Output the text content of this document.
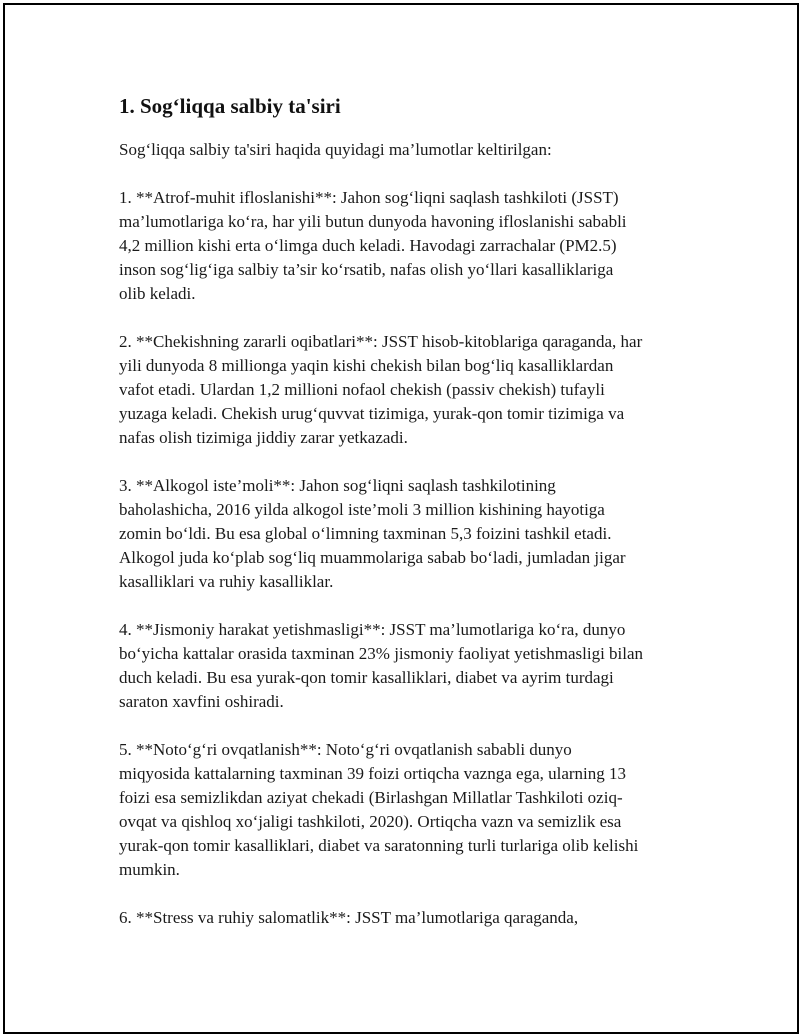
1. Sog‘liqqa salbiy ta'siri
Sog‘liqqa salbiy ta'siri haqida quyidagi ma’lumotlar keltirilgan:
1. **Atrof-muhit ifloslanishi**: Jahon sog‘liqni saqlash tashkiloti (JSST)
ma’lumotlariga ko‘ra, har yili butun dunyoda havoning ifloslanishi sababli
4,2 million kishi erta o‘limga duch keladi. Havodagi zarrachalar (PM2.5)
inson sog‘lig‘iga salbiy ta’sir ko‘rsatib, nafas olish yo‘llari kasalliklariga
olib keladi.
2. **Chekishning zararli oqibatlari**: JSST hisob-kitoblariga qaraganda, har
yili dunyoda 8 millionga yaqin kishi chekish bilan bog‘liq kasalliklardan
vafot etadi. Ulardan 1,2 millioni nofaol chekish (passiv chekish) tufayli
yuzaga keladi. Chekish urug‘quvvat tizimiga, yurak-qon tomir tizimiga va
nafas olish tizimiga jiddiy zarar yetkazadi.
3. **Alkogol iste’moli**: Jahon sog‘liqni saqlash tashkilotining
baholashicha, 2016 yilda alkogol iste’moli 3 million kishining hayotiga
zomin bo‘ldi. Bu esa global o‘limning taxminan 5,3 foizini tashkil etadi.
Alkogol juda ko‘plab sog‘liq muammolariga sabab bo‘ladi, jumladan jigar
kasalliklari va ruhiy kasalliklar.
4. **Jismoniy harakat yetishmasligi**: JSST ma’lumotlariga ko‘ra, dunyo
bo‘yicha kattalar orasida taxminan 23% jismoniy faoliyat yetishmasligi bilan
duch keladi. Bu esa yurak-qon tomir kasalliklari, diabet va ayrim turdagi
saraton xavfini oshiradi.
5. **Noto‘g‘ri ovqatlanish**: Noto‘g‘ri ovqatlanish sababli dunyo
miqyosida kattalarning taxminan 39 foizi ortiqcha vaznga ega, ularning 13
foizi esa semizlikdan aziyat chekadi (Birlashgan Millatlar Tashkiloti oziq-
ovqat va qishloq xo‘jaligi tashkiloti, 2020). Ortiqcha vazn va semizlik esa
yurak-qon tomir kasalliklari, diabet va saratonning turli turlariga olib kelishi
mumkin.
6. **Stress va ruhiy salomatlik**: JSST ma’lumotlariga qaraganda,
